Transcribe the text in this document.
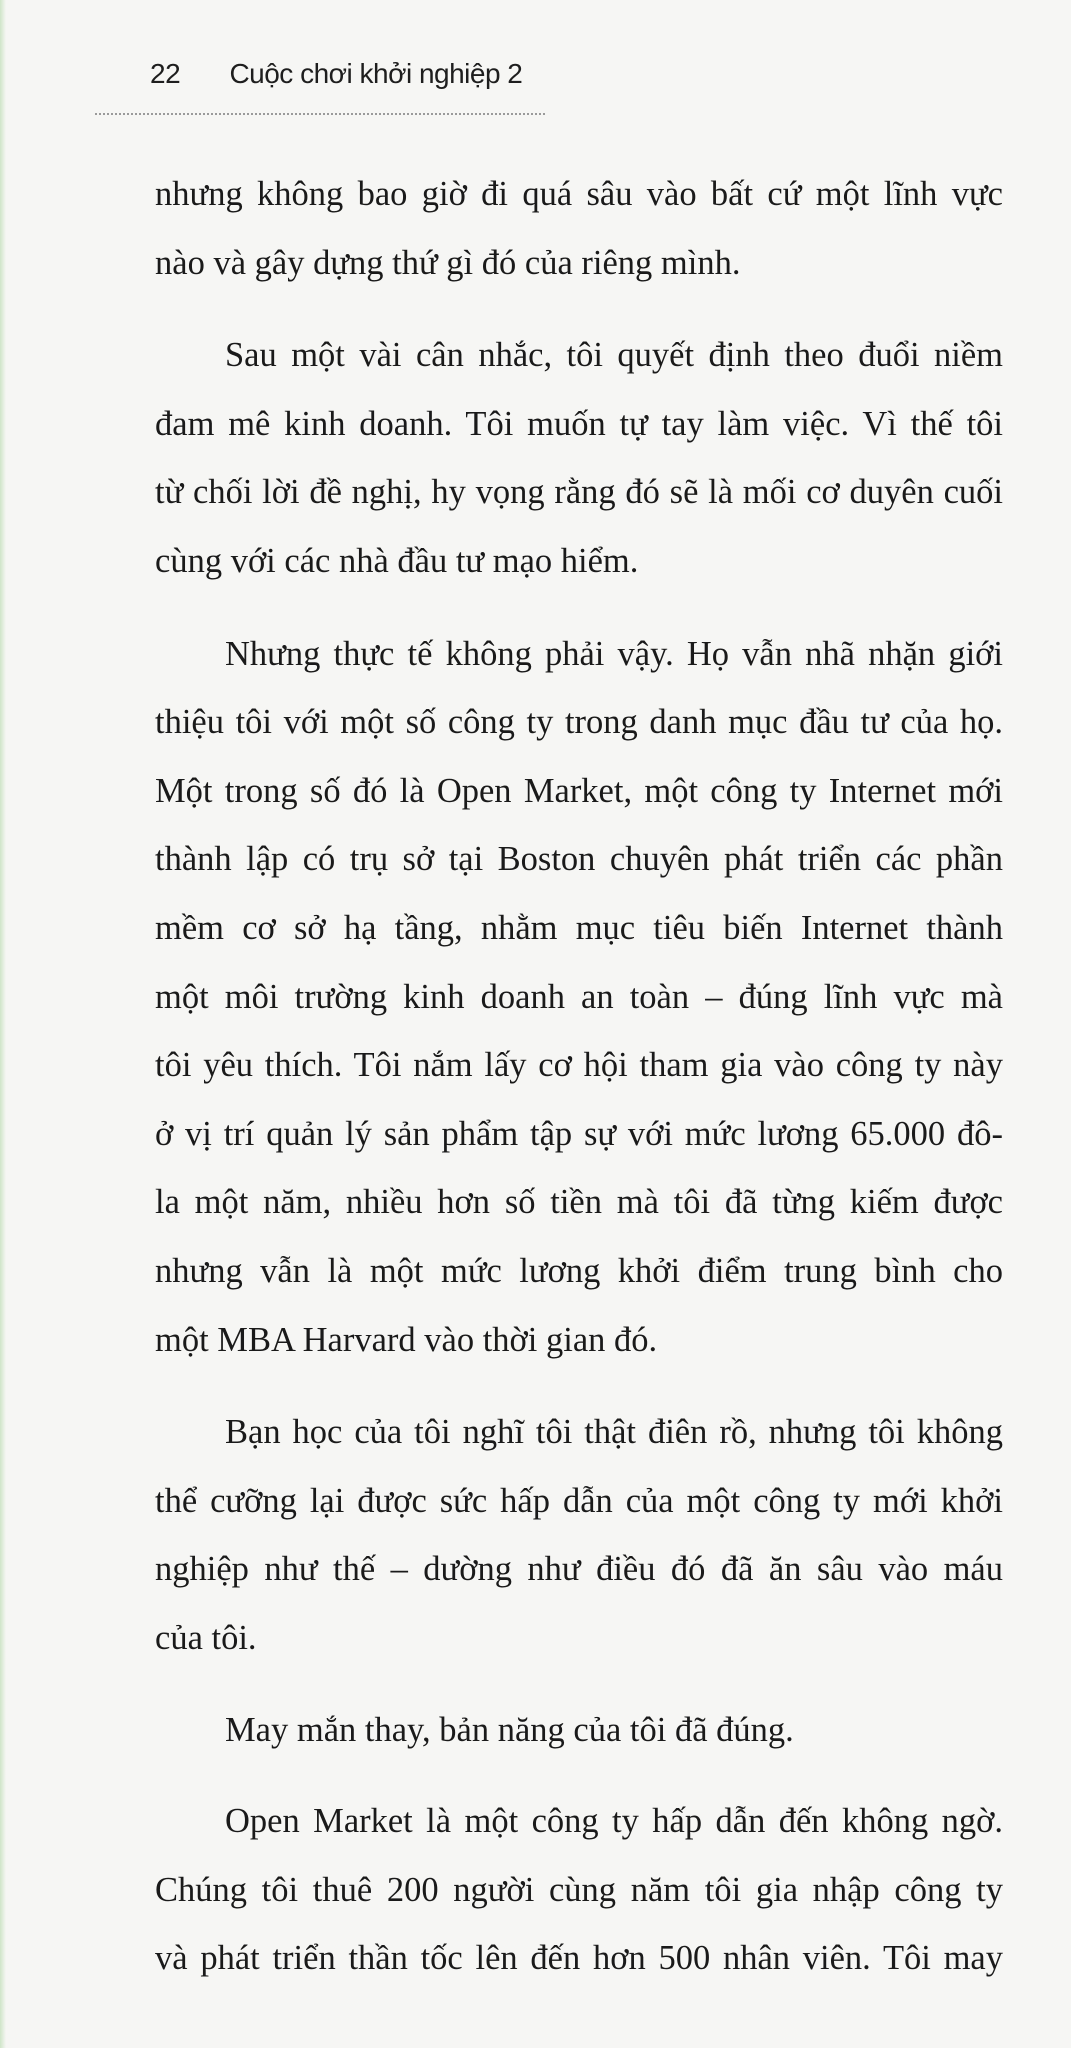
22 Cuộc chơi khởi nghiệp 2
nhưng không bao giờ đi quá sâu vào bất cứ một lĩnh vực
nào và gây dựng thứ gì đó của riêng mình.
Sau một vài cân nhắc, tôi quyết định theo đuổi niềm
đam mê kinh doanh. Tôi muốn tự tay làm việc. Vì thế tôi
từ chối lời đề nghị, hy vọng rằng đó sẽ là mối cơ duyên cuối
cùng với các nhà đầu tư mạo hiểm.
Nhưng thực tế không phải vậy. Họ vẫn nhã nhặn giới
thiệu tôi với một số công ty trong danh mục đầu tư của họ.
Một trong số đó là Open Market, một công ty Internet mới
thành lập có trụ sở tại Boston chuyên phát triển các phần
mềm cơ sở hạ tầng, nhằm mục tiêu biến Internet thành
một môi trường kinh doanh an toàn – đúng lĩnh vực mà
tôi yêu thích. Tôi nắm lấy cơ hội tham gia vào công ty này
ở vị trí quản lý sản phẩm tập sự với mức lương 65.000 đô-
la một năm, nhiều hơn số tiền mà tôi đã từng kiếm được
nhưng vẫn là một mức lương khởi điểm trung bình cho
một MBA Harvard vào thời gian đó.
Bạn học của tôi nghĩ tôi thật điên rồ, nhưng tôi không
thể cưỡng lại được sức hấp dẫn của một công ty mới khởi
nghiệp như thế – dường như điều đó đã ăn sâu vào máu
của tôi.
May mắn thay, bản năng của tôi đã đúng.
Open Market là một công ty hấp dẫn đến không ngờ.
Chúng tôi thuê 200 người cùng năm tôi gia nhập công ty
và phát triển thần tốc lên đến hơn 500 nhân viên. Tôi may
